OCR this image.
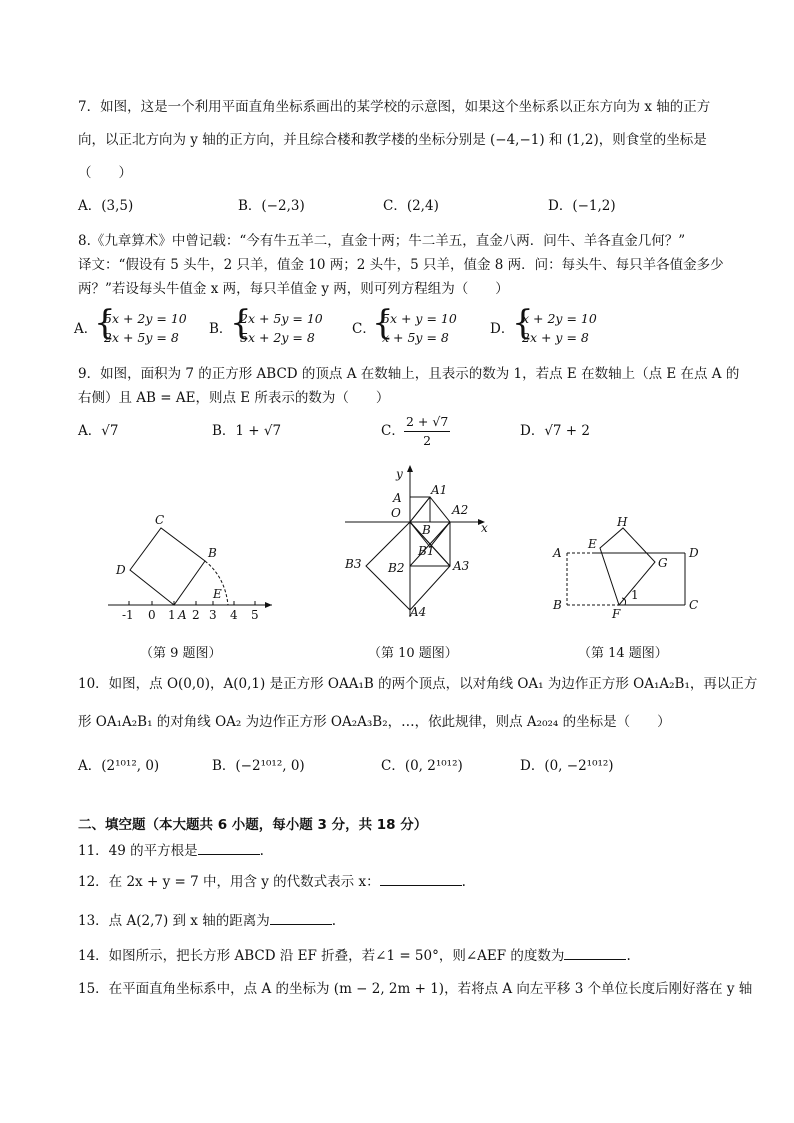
7．如图，这是一个利用平面直角坐标系画出的某学校的示意图，如果这个坐标系以正东方向为 x 轴的正方
向，以正北方向为 y 轴的正方向，并且综合楼和教学楼的坐标分别是 (−4,−1) 和 (1,2)，则食堂的坐标是
（　　）
A．(3,5)	B．(−2,3)	C．(2,4)	D．(−1,2)
8.《九章算术》中曾记载：“今有牛五羊二，直金十两；牛二羊五，直金八两．问牛、羊各直金几何？”
译文：“假设有 5 头牛，2 只羊，值金 10 两；2 头牛，5 只羊，值金 8 两．问：每头牛、每只羊各值金多少
两？”若设每头牛值金 x 两，每只羊值金 y 两，则可列方程组为（　　）
A．
{
5x + 2y = 10
2x + 5y = 8
B．
{
2x + 5y = 10
5x + 2y = 8
C．
{
5x + y = 10
x + 5y = 8
D．
{
x + 2y = 10
2x + y = 8
9．如图，面积为 7 的正方形 ABCD 的顶点 A 在数轴上，且表示的数为 1，若点 E 在数轴上（点 E 在点 A 的
右侧）且 AB = AE，则点 E 所表示的数为（　　）
A．√7	B．1 + √7	C． $\frac{2 + √7}{2}$	D．√7 + 2
C
D
B
E
A
-1 0 1 2 3 4 5
（第 9 题图）
y
x
A
O
A1
A2
B
B1
B2
B3	A3
A4
（第 10 题图）
H
A
E
D
G
B
F
C
1
（第 14 题图）
10．如图，点 O(0,0)，A(0,1) 是正方形 OAA₁B 的两个顶点，以对角线 OA₁ 为边作正方形 OA₁A₂B₁，再以正方
形 OA₁A₂B₁ 的对角线 OA₂ 为边作正方形 OA₂A₃B₂，…，依此规律，则点 A₂₀₂₄ 的坐标是（　　）
A．(2¹⁰¹², 0)	B．(−2¹⁰¹², 0)	C．(0, 2¹⁰¹²)	D．(0, −2¹⁰¹²)
二、填空题（本大题共 6 小题，每小题 3 分，共 18 分）
11．49 的平方根是	.
12．在 2x + y = 7 中，用含 y 的代数式表示 x：	.
13．点 A(2,7) 到 x 轴的距离为	.
14．如图所示，把长方形 ABCD 沿 EF 折叠，若∠1 = 50°，则∠AEF 的度数为	.
15．在平面直角坐标系中，点 A 的坐标为 (m − 2, 2m + 1)，若将点 A 向左平移 3 个单位长度后刚好落在 y 轴
